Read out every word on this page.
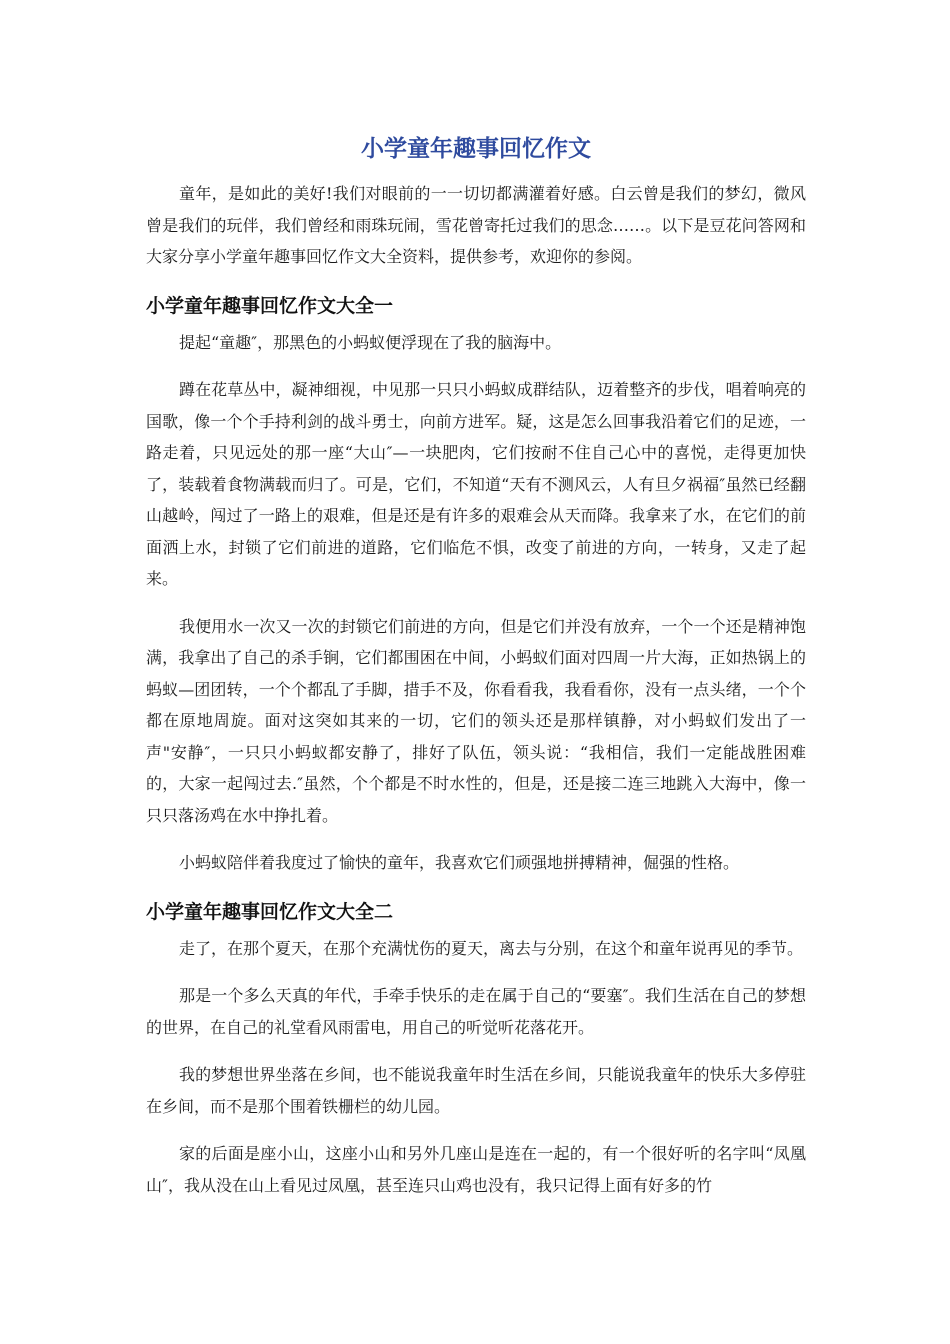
小学童年趣事回忆作文

童年，是如此的美好!我们对眼前的一一切切都满灌着好感。白云曾是我们的梦幻，微风曾是我们的玩伴，我们曾经和雨珠玩闹，雪花曾寄托过我们的思念……。以下是豆花问答网和大家分享小学童年趣事回忆作文大全资料，提供参考，欢迎你的参阅。

小学童年趣事回忆作文大全一

提起“童趣″，那黑色的小蚂蚁便浮现在了我的脑海中。

蹲在花草丛中，凝神细视，中见那一只只小蚂蚁成群结队，迈着整齐的步伐，唱着响亮的国歌，像一个个手持利剑的战斗勇士，向前方进军。疑，这是怎么回事我沿着它们的足迹，一路走着，只见远处的那一座“大山″—一块肥肉，它们按耐不住自己心中的喜悦，走得更加快了，装载着食物满载而归了。可是，它们，不知道“天有不测风云，人有旦夕祸福″虽然已经翻山越岭，闯过了一路上的艰难，但是还是有许多的艰难会从天而降。我拿来了水，在它们的前面洒上水，封锁了它们前进的道路，它们临危不惧，改变了前进的方向，一转身，又走了起来。

我便用水一次又一次的封锁它们前进的方向，但是它们并没有放弃，一个一个还是精神饱满，我拿出了自己的杀手锏，它们都围困在中间，小蚂蚁们面对四周一片大海，正如热锅上的蚂蚁—团团转，一个个都乱了手脚，措手不及，你看看我，我看看你，没有一点头绪，一个个都在原地周旋。面对这突如其来的一切，它们的领头还是那样镇静，对小蚂蚁们发出了一声"安静″，一只只小蚂蚁都安静了，排好了队伍，领头说：“我相信，我们一定能战胜困难的，大家一起闯过去.″虽然，个个都是不时水性的，但是，还是接二连三地跳入大海中，像一只只落汤鸡在水中挣扎着。

小蚂蚁陪伴着我度过了愉快的童年，我喜欢它们顽强地拼搏精神，倔强的性格。

小学童年趣事回忆作文大全二

走了，在那个夏天，在那个充满忧伤的夏天，离去与分别，在这个和童年说再见的季节。

那是一个多么天真的年代，手牵手快乐的走在属于自己的“要塞″。我们生活在自己的梦想的世界，在自己的礼堂看风雨雷电，用自己的听觉听花落花开。

我的梦想世界坐落在乡间，也不能说我童年时生活在乡间，只能说我童年的快乐大多停驻在乡间，而不是那个围着铁栅栏的幼儿园。

家的后面是座小山，这座小山和另外几座山是连在一起的，有一个很好听的名字叫“凤凰山″，我从没在山上看见过凤凰，甚至连只山鸡也没有，我只记得上面有好多的竹
